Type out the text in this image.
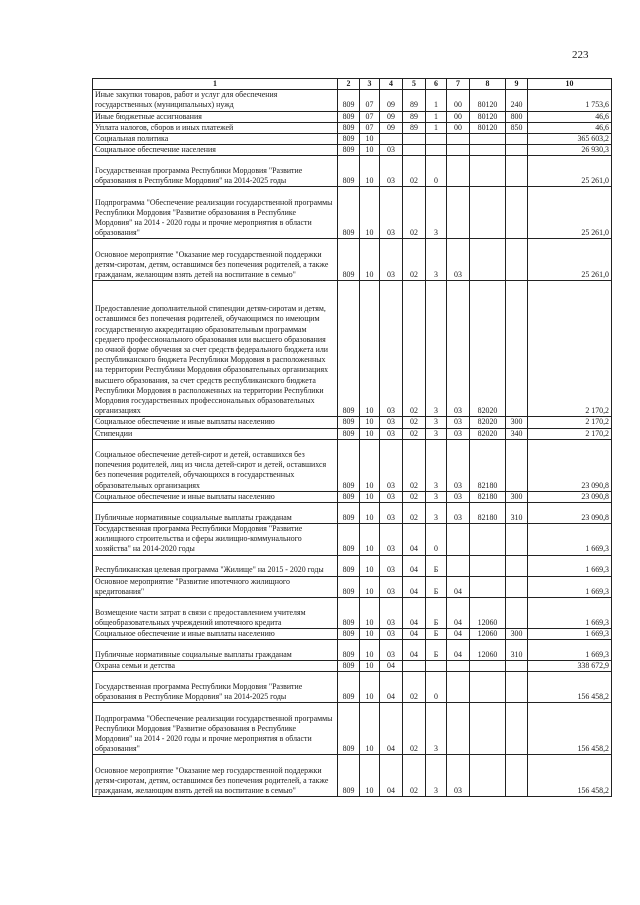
223
1	2	3	4	5	6	7	8	9	10
Иные закупки товаров, работ и услуг для обеспечения государственных (муниципальных) нужд	809	07	09	89	1	00	80120	240	1 753,6
Иные бюджетные ассигнования	809	07	09	89	1	00	80120	800	46,6
Уплата налогов, сборов и иных платежей	809	07	09	89	1	00	80120	850	46,6
Социальная политика	809	10							365 603,2
Социальное обеспечение населения	809	10	03						26 930,3
Государственная программа Республики Мордовия "Развитие образования в Республике Мордовия" на 2014-2025 годы	809	10	03	02	0				25 261,0
Подпрограмма "Обеспечение реализации государственной программы Республики Мордовия "Развитие образования в Республике Мордовия" на 2014 - 2020 годы и прочие мероприятия в области образования"	809	10	03	02	3				25 261,0
Основное мероприятие "Оказание мер государственной поддержки детям-сиротам, детям, оставшимся без попечения родителей, а также гражданам, желающим взять детей на воспитание в семью"	809	10	03	02	3	03			25 261,0
Предоставление дополнительной стипендии детям-сиротам и детям, оставшимся без попечения родителей, обучающимся по имеющим государственную аккредитацию образовательным программам среднего профессионального образования или высшего образования по очной форме обучения за счет средств федерального бюджета или республиканского бюджета Республики Мордовия в расположенных на территории Республики Мордовия образовательных организациях высшего образования, за счет средств республиканского бюджета Республики Мордовия в расположенных на территории Республики Мордовия государственных профессиональных образовательных организациях	809	10	03	02	3	03	82020		2 170,2
Социальное обеспечение и иные выплаты населению	809	10	03	02	3	03	82020	300	2 170,2
Стипендии	809	10	03	02	3	03	82020	340	2 170,2
Социальное обеспечение детей-сирот и детей, оставшихся без попечения родителей, лиц из числа детей-сирот и детей, оставшихся без попечения родителей, обучающихся в государственных образовательных организациях	809	10	03	02	3	03	82180		23 090,8
Социальное обеспечение и иные выплаты населению	809	10	03	02	3	03	82180	300	23 090,8
Публичные нормативные социальные выплаты гражданам	809	10	03	02	3	03	82180	310	23 090,8
Государственная программа Республики Мордовия "Развитие жилищного строительства и сферы жилищно-коммунального хозяйства" на 2014-2020 годы	809	10	03	04	0				1 669,3
Республиканская целевая программа "Жилище" на 2015 - 2020 годы	809	10	03	04	Б				1 669,3
Основное мероприятие "Развитие ипотечного жилищного кредитования"	809	10	03	04	Б	04			1 669,3
Возмещение части затрат в связи с предоставлением учителям общеобразовательных учреждений ипотечного кредита	809	10	03	04	Б	04	12060		1 669,3
Социальное обеспечение и иные выплаты населению	809	10	03	04	Б	04	12060	300	1 669,3
Публичные нормативные социальные выплаты гражданам	809	10	03	04	Б	04	12060	310	1 669,3
Охрана семьи и детства	809	10	04						338 672,9
Государственная программа Республики Мордовия "Развитие образования в Республике Мордовия" на 2014-2025 годы	809	10	04	02	0				156 458,2
Подпрограмма "Обеспечение реализации государственной программы Республики Мордовия "Развитие образования в Республике Мордовия" на 2014 - 2020 годы и прочие мероприятия в области образования"	809	10	04	02	3				156 458,2
Основное мероприятие "Оказание мер государственной поддержки детям-сиротам, детям, оставшимся без попечения родителей, а также гражданам, желающим взять детей на воспитание в семью"	809	10	04	02	3	03			156 458,2
